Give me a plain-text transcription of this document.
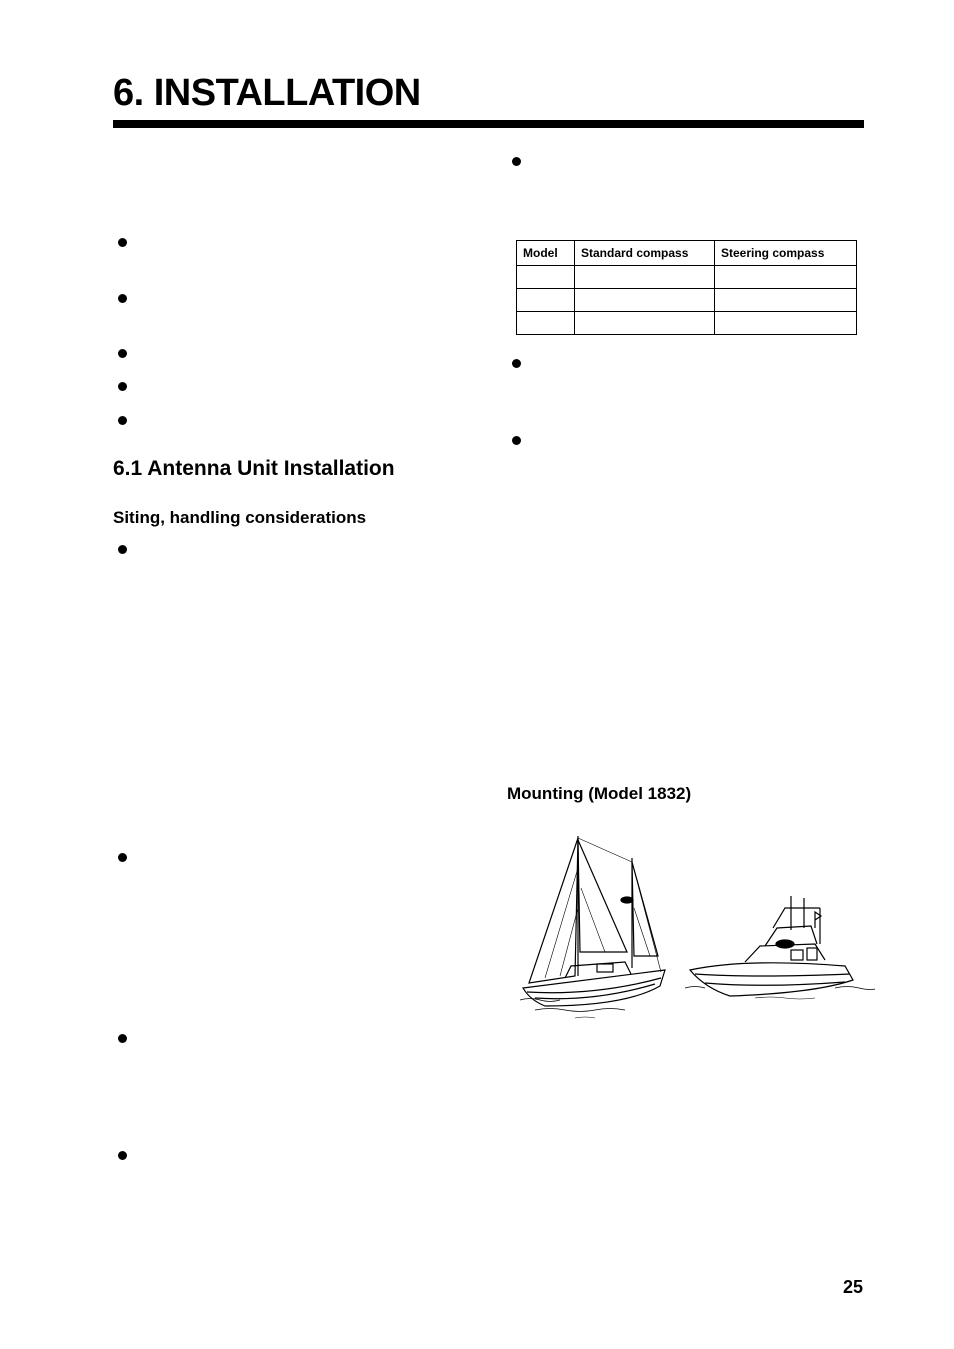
6. INSTALLATION
6.1 Antenna Unit Installation
Siting, handling considerations
Model	Standard compass	Steering compass

Mounting (Model 1832)
25
